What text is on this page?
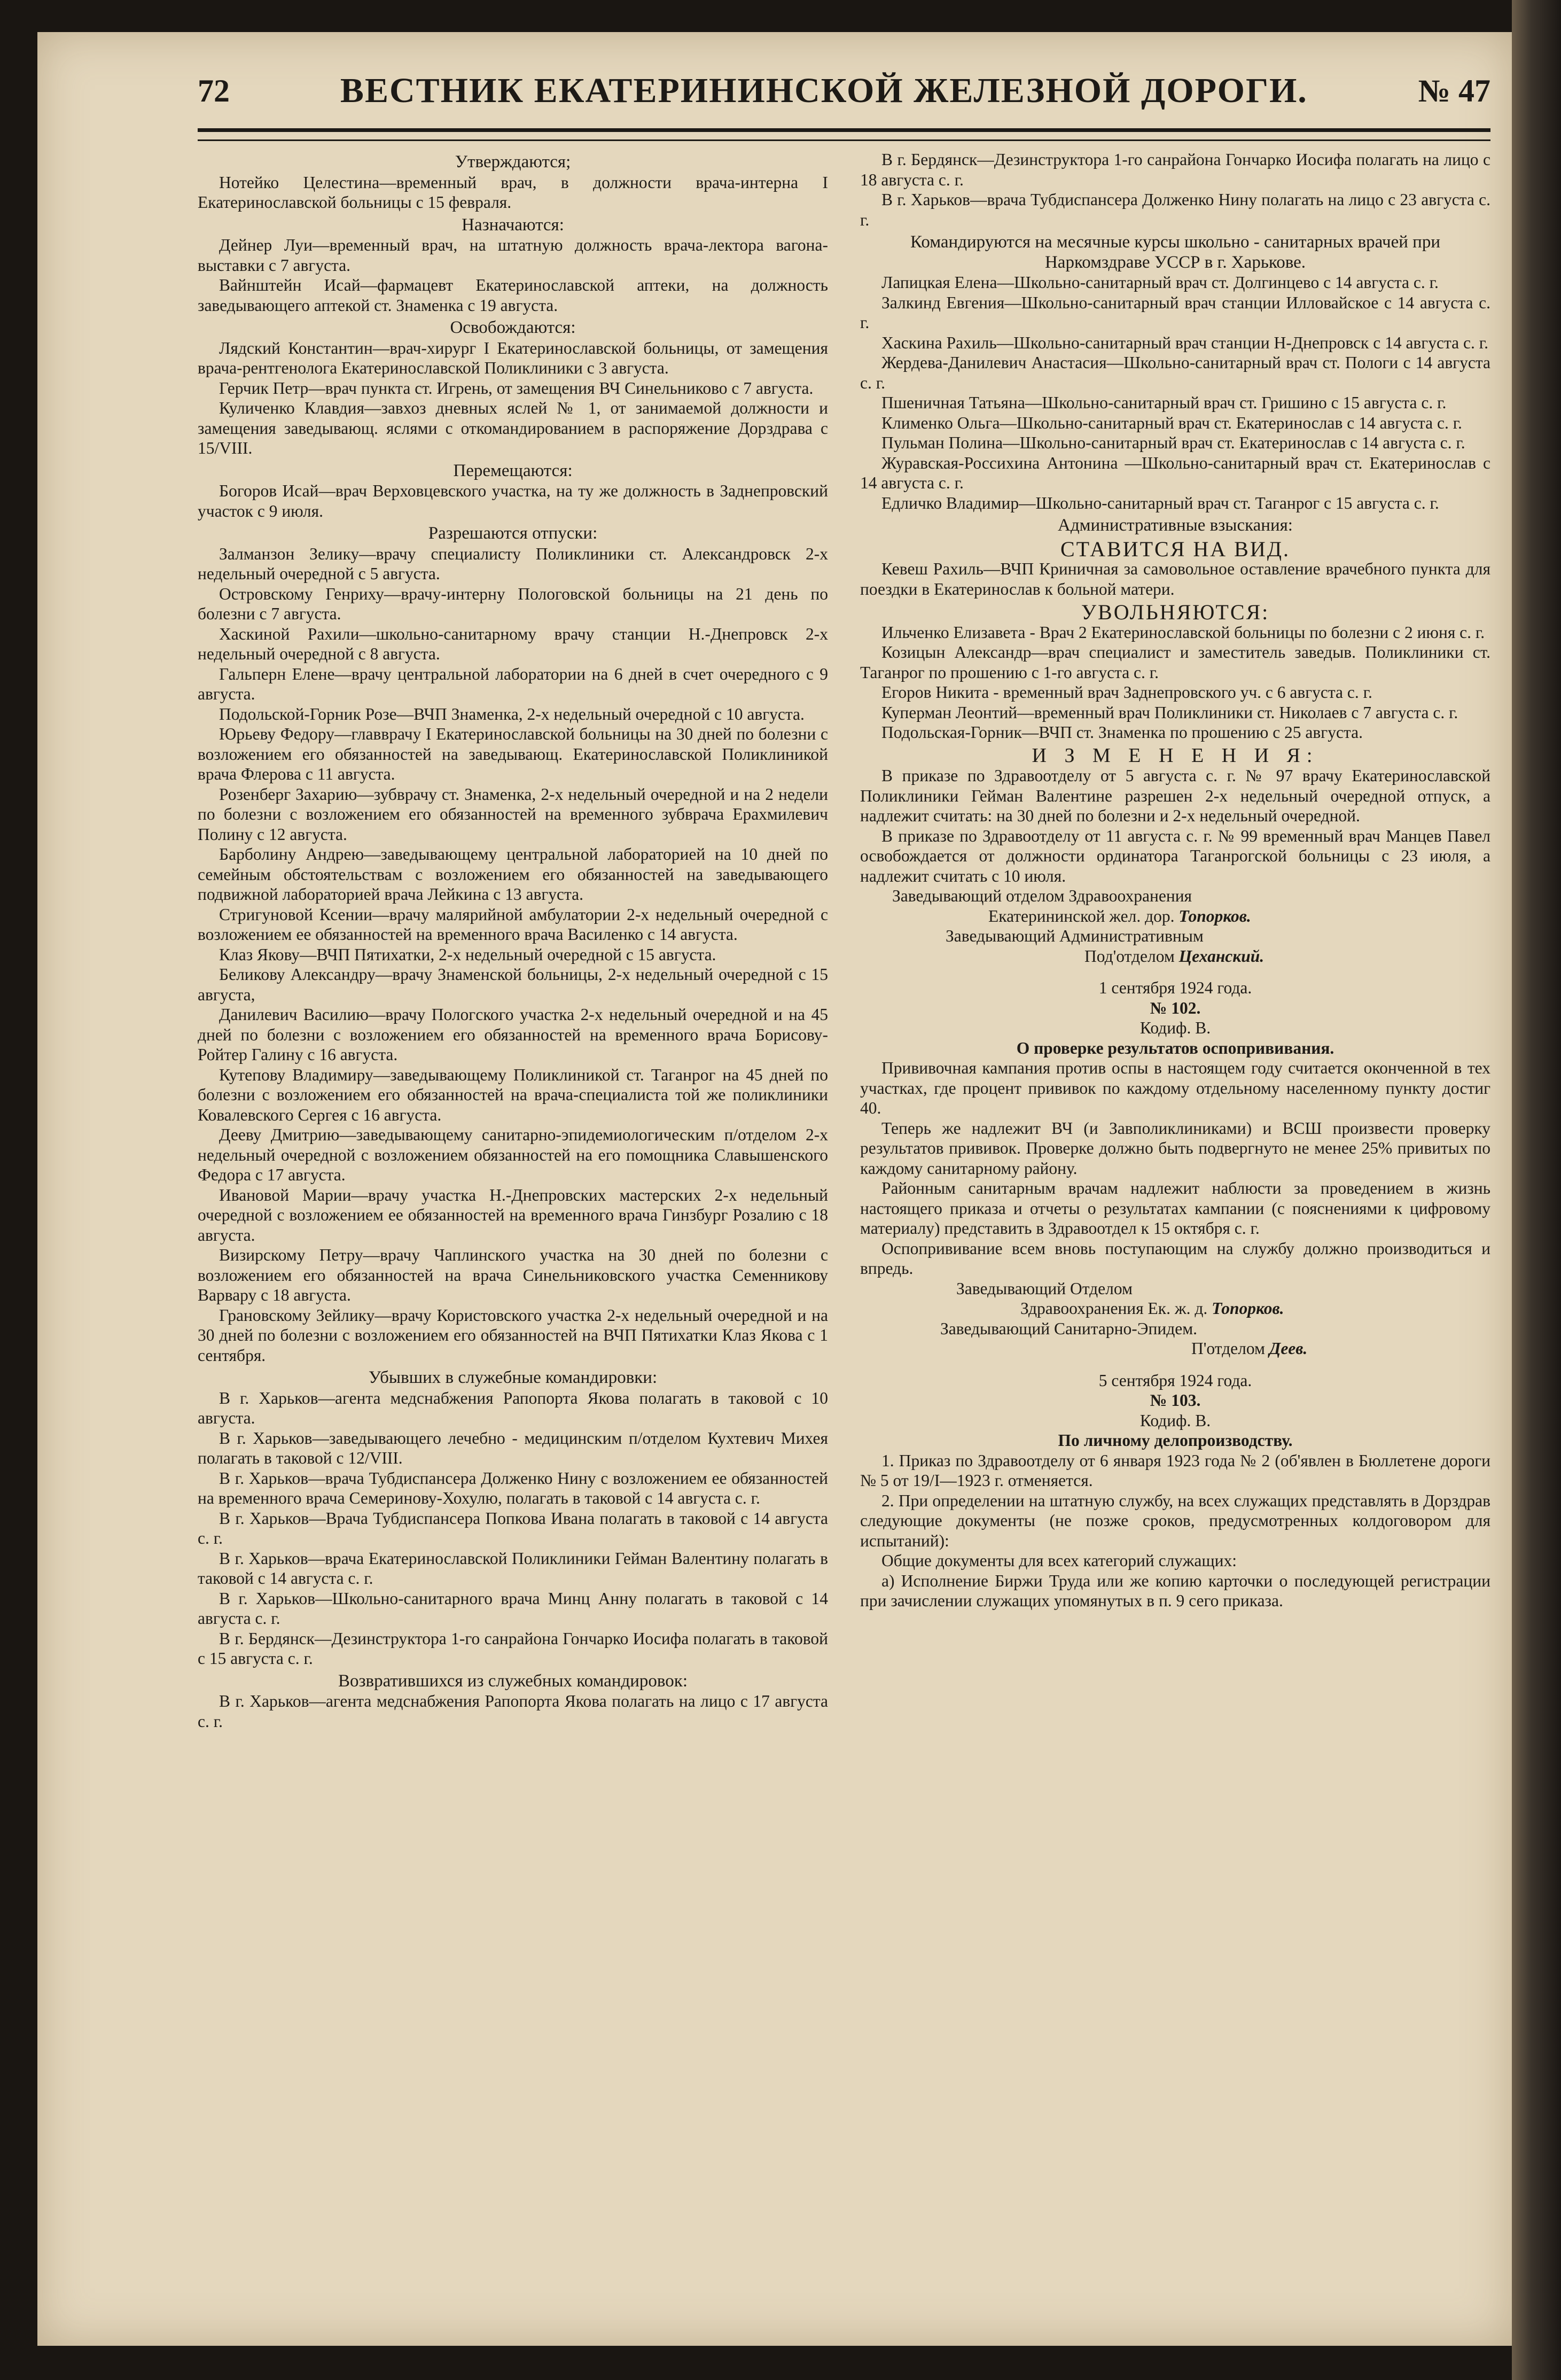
72	ВЕСТНИК ЕКАТЕРИНИНСКОЙ ЖЕЛЕЗНОЙ ДОРОГИ.	№ 47

Утверждаются;

Нотейко Целестина—временный врач, в должности врача-интерна I Екатеринославской больницы с 15 февраля.

Назначаются:

Дейнер Луи—временный врач, на штатную должность врача-лектора вагона-выставки с 7 августа.

Вайнштейн Исай—фармацевт Екатеринославской аптеки, на должность заведывающего аптекой ст. Знаменка с 19 августа.

Освобождаются:

Лядский Константин—врач-хирург I Екатеринославской больницы, от замещения врача-рентгенолога Екатеринославской Поликлиники с 3 августа.

Герчик Петр—врач пункта ст. Игрень, от замещения ВЧ Синельниково с 7 августа.

Куличенко Клавдия—завхоз дневных яслей № 1, от занимаемой должности и замещения заведывающ. яслями с откомандированием в распоряжение Дорздрава с 15/VIII.

Перемещаются:

Богоров Исай—врач Верховцевского участка, на ту же должность в Заднепровский участок с 9 июля.

Разрешаются отпуски:

Залманзон Зелику—врачу специалисту Поликлиники ст. Александровск 2-х недельный очередной с 5 августа.

Островскому Генриху—врачу-интерну Пологовской больницы на 21 день по болезни с 7 августа.

Хаскиной Рахили—школьно-санитарному врачу станции Н.-Днепровск 2-х недельный очередной с 8 августа.

Гальперн Елене—врачу центральной лаборатории на 6 дней в счет очередного с 9 августа.

Подольской-Горник Розе—ВЧП Знаменка, 2-х недельный очередной с 10 августа.

Юрьеву Федору—главврачу I Екатеринославской больницы на 30 дней по болезни с возложением его обязанностей на заведывающ. Екатеринославской Поликлиникой врача Флерова с 11 августа.

Розенберг Захарию—зубврачу ст. Знаменка, 2-х недельный очередной и на 2 недели по болезни с возложением его обязанностей на временного зубврача Ерахмилевич Полину с 12 августа.

Барболину Андрею—заведывающему центральной лабораторией на 10 дней по семейным обстоятельствам с возложением его обязанностей на заведывающего подвижной лабораторией врача Лейкина с 13 августа.

Стригуновой Ксении—врачу малярийной амбулатории 2-х недельный очередной с возложением ее обязанностей на временного врача Василенко с 14 августа.

Клаз Якову—ВЧП Пятихатки, 2-х недельный очередной с 15 августа.

Беликову Александру—врачу Знаменской больницы, 2-х недельный очередной с 15 августа,

Данилевич Василию—врачу Пологского участка 2-х недельный очередной и на 45 дней по болезни с возложением его обязанностей на временного врача Борисову-Ройтер Галину с 16 августа.

Кутепову Владимиру—заведывающему Поликлиникой ст. Таганрог на 45 дней по болезни с возложением его обязанностей на врача-специалиста той же поликлиники Ковалевского Сергея с 16 августа.

Дееву Дмитрию—заведывающему санитарно-эпидемиологическим п/отделом 2-х недельный очередной с возложением обязанностей на его помощника Славышенского Федора с 17 августа.

Ивановой Марии—врачу участка Н.-Днепровских мастерских 2-х недельный очередной с возложением ее обязанностей на временного врача Гинзбург Розалию с 18 августа.

Визирскому Петру—врачу Чаплинского участка на 30 дней по болезни с возложением его обязанностей на врача Синельниковского участка Семенникову Варвару с 18 августа.

Грановскому Зейлику—врачу Користовского участка 2-х недельный очередной и на 30 дней по болезни с возложением его обязанностей на ВЧП Пятихатки Клаз Якова с 1 сентября.

Убывших в служебные командировки:

В г. Харьков—агента медснабжения Рапопорта Якова полагать в таковой с 10 августа.

В г. Харьков—заведывающего лечебно - медицинским п/отделом Кухтевич Михея полагать в таковой с 12/VIII.

В г. Харьков—врача Тубдиспансера Долженко Нину с возложением ее обязанностей на временного врача Семеринову-Хохулю, полагать в таковой с 14 августа с. г.

В г. Харьков—Врача Тубдиспансера Попкова Ивана полагать в таковой с 14 августа с. г.

В г. Харьков—врача Екатеринославской Поликлиники Гейман Валентину полагать в таковой с 14 августа с. г.

В г. Харьков—Школьно-санитарного врача Минц Анну полагать в таковой с 14 августа с. г.

В г. Бердянск—Дезинструктора 1-го санрайона Гончарко Иосифа полагать в таковой с 15 августа с. г.

Возвратившихся из служебных командировок:

В г. Харьков—агента медснабжения Рапопорта Якова полагать на лицо с 17 августа с. г.

В г. Бердянск—Дезинструктора 1-го санрайона Гончарко Иосифа полагать на лицо с 18 августа с. г.

В г. Харьков—врача Тубдиспансера Долженко Нину полагать на лицо с 23 августа с. г.

Командируются на месячные курсы школьно - санитарных врачей при Наркомздраве УССР в г. Харькове.

Лапицкая Елена—Школьно-санитарный врач ст. Долгинцево с 14 августа с. г.

Залкинд Евгения—Школьно-санитарный врач станции Илловайское с 14 августа с. г.

Хаскина Рахиль—Школьно-санитарный врач станции Н-Днепровск с 14 августа с. г.

Жердева-Данилевич Анастасия—Школьно-санитарный врач ст. Пологи с 14 августа с. г.

Пшеничная Татьяна—Школьно-санитарный врач ст. Гришино с 15 августа с. г.

Клименко Ольга—Школьно-санитарный врач ст. Екатеринослав с 14 августа с. г.

Пульман Полина—Школьно-санитарный врач ст. Екатеринослав с 14 августа с. г.

Журавская-Россихина Антонина —Школьно-санитарный врач ст. Екатеринослав с 14 августа с. г.

Едличко Владимир—Школьно-санитарный врач ст. Таганрог с 15 августа с. г.

Административные взыскания:

СТАВИТСЯ НА ВИД.

Кевеш Рахиль—ВЧП Криничная за самовольное оставление врачебного пункта для поездки в Екатеринослав к больной матери.

УВОЛЬНЯЮТСЯ:

Ильченко Елизавета - Врач 2 Екатеринославской больницы по болезни с 2 июня с. г.

Козицын Александр—врач специалист и заместитель заведыв. Поликлиники ст. Таганрог по прошению с 1-го августа с. г.

Егоров Никита - временный врач Заднепровского уч. с 6 августа с. г.

Куперман Леонтий—временный врач Поликлиники ст. Николаев с 7 августа с. г.

Подольская-Горник—ВЧП ст. Знаменка по прошению с 25 августа.

И З М Е Н Е Н И Я:

В приказе по Здравоотделу от 5 августа с. г. № 97 врачу Екатеринославской Поликлиники Гейман Валентине разрешен 2-х недельный очередной отпуск, а надлежит считать: на 30 дней по болезни и 2-х недельный очередной.

В приказе по Здравоотделу от 11 августа с. г. № 99 временный врач Манцев Павел освобождается от должности ординатора Таганрогской больницы с 23 июля, а надлежит считать с 10 июля.

Заведывающий отделом Здравоохранения

Екатерининской жел. дор. Топорков.

Заведывающий Административным

Под'отделом Цеханский.

1 сентября 1924 года.

№ 102.

Кодиф. В.

О проверке результатов оспопрививания.

Прививочная кампания против оспы в настоящем году считается оконченной в тех участках, где процент прививок по каждому отдельному населенному пункту достиг 40.

Теперь же надлежит ВЧ (и Завполиклиниками) и ВСШ произвести проверку результатов прививок. Проверке должно быть подвергнуто не менее 25% привитых по каждому санитарному району.

Районным санитарным врачам надлежит наблюсти за проведением в жизнь настоящего приказа и отчеты о результатах кампании (с пояснениями к цифровому материалу) представить в Здравоотдел к 15 октября с. г.

Оспопрививание всем вновь поступающим на службу должно производиться и впредь.

Заведывающий Отделом

Здравоохранения Ек. ж. д. Топорков.

Заведывающий Санитарно-Эпидем.

П'отделом Деев.

5 сентября 1924 года.

№ 103.

Кодиф. В.

По личному делопроизводству.

1. Приказ по Здравоотделу от 6 января 1923 года № 2 (об'явлен в Бюллетене дороги № 5 от 19/I—1923 г. отменяется.

2. При определении на штатную службу, на всех служащих представлять в Дорздрав следующие документы (не позже сроков, предусмотренных колдоговором для испытаний):

Общие документы для всех категорий служащих:

а) Исполнение Биржи Труда или же копию карточки о последующей регистрации при зачислении служащих упомянутых в п. 9 сего приказа.
